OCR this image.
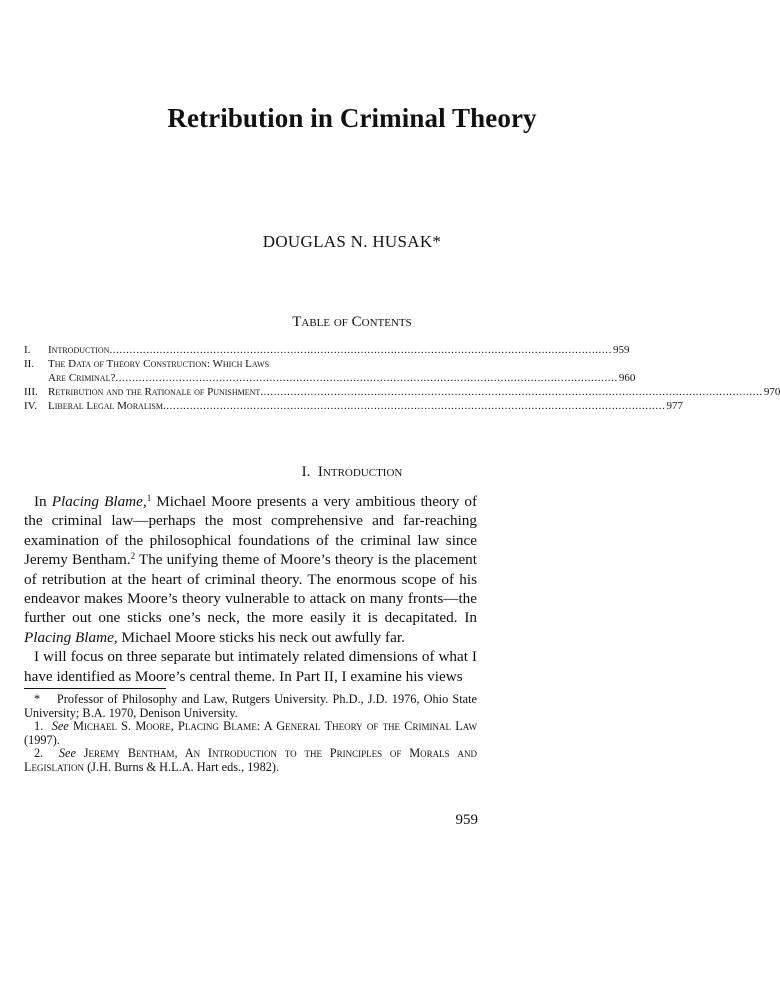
Retribution in Criminal Theory
DOUGLAS N. HUSAK*
Table of Contents
I.	Introduction ...................................................................................................................................................... 959
II.	The Data of Theory Construction: Which Laws
Are Criminal? ...................................................................................................................................................... 960
III. Retribution and the Rationale of Punishment ...................................................................................................................................................... 970
IV.	Liberal Legal Moralism ...................................................................................................................................................... 977
I. Introduction

In Placing Blame,$^1$ Michael Moore presents a very ambitious theory of the criminal law—perhaps the most comprehensive and far-reaching examination of the philosophical foundations of the criminal law since Jeremy Bentham.$^2$ The unifying theme of Moore’s theory is the placement of retribution at the heart of criminal theory. The enormous scope of his endeavor makes Moore’s theory vulnerable to attack on many fronts—the further out one sticks one’s neck, the more easily it is decapitated. In Placing Blame, Michael Moore sticks his neck out awfully far.

I will focus on three separate but intimately related dimensions of what I have identified as Moore’s central theme. In Part II, I examine his views

* Professor of Philosophy and Law, Rutgers University. Ph.D., J.D. 1976, Ohio State University; B.A. 1970, Denison University.

1. See Michael S. Moore, Placing Blame: A General Theory of the Criminal Law (1997).

2. See Jeremy Bentham, An Introduction to the Principles of Morals and Legislation (J.H. Burns & H.L.A. Hart eds., 1982).

959
